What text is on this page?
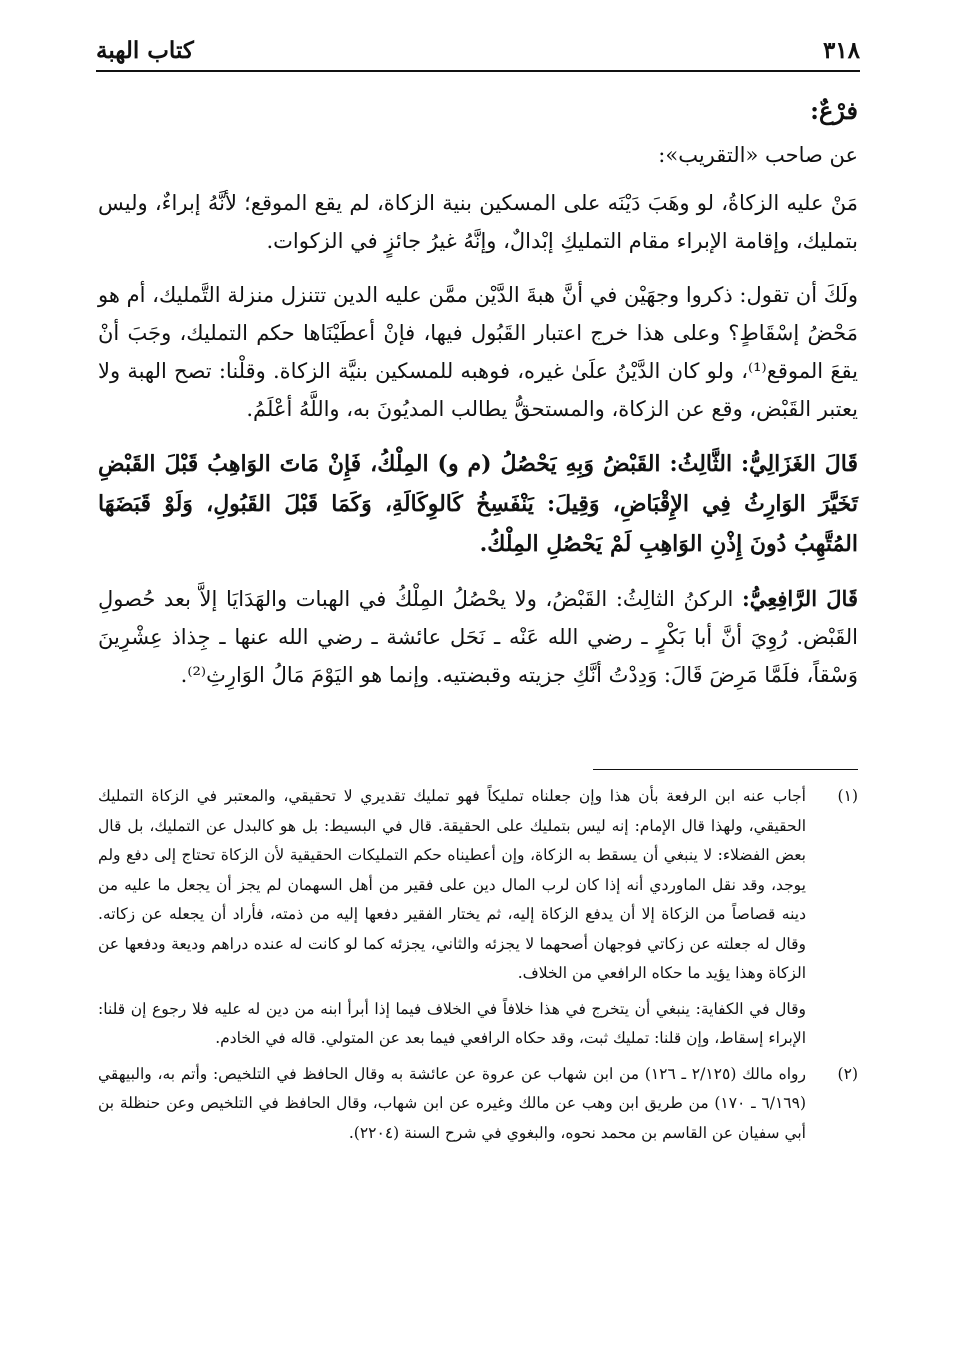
٣١٨
كتاب الهبة

فرْعٌ:

عن صاحب «التقريب»:

مَنْ عليه الزكاةُ، لو وهَبَ دَيْنَه على المسكين بنية الزكاة، لم يقع الموقع؛ لأنَّهُ إبراءٌ، وليس بتمليك، وإقامة الإبراء مقام التمليكِ إبْدالٌ، وإنَّهُ غيرُ جائزٍ في الزكوات.

ولَكَ أن تقول: ذكروا وجهَيْن في أنَّ هبةَ الدَّيْن ممَّن عليه الدين تتنزل منزلة التَّمليك، أم هو مَحْضُ إسْقَاطٍ؟ وعلى هذا خرج اعتبار القَبُول فيها، فإنْ أعطَيْنَاها حكم التمليك، وجَبَ أنْ يقعَ الموقع⁽¹⁾، ولو كان الدَّيْنُ علَىٰ غيره، فوهبه للمسكين بنيَّة الزكاة. وقلْنا: تصح الهبة ولا يعتبر القَبْض، وقع عن الزكاة، والمستحقُّ يطالب المديُونَ به، واللَّهُ أعْلَمُ.

قَالَ الغَزَالِيُّ: الثَّالِثُ: القَبْضُ وَبِهِ يَحْصُلُ (م و) المِلْكُ، فَإِنْ مَاتَ الوَاهِبُ قَبْلَ القَبْضِ تَخَيَّرَ الوَارِثُ فِي الإِقْبَاضِ، وَقِيلَ: يَنْفَسِخُ كَالوِكَالَةِ، وَكَمَا قَبْلَ القَبُولِ، وَلَوْ قَبَضَهَا المُتَّهِبُ دُونَ إِذْنِ الوَاهِبِ لَمْ يَحْصُلِ المِلْكُ.

قَالَ الرَّافِعِيُّ: الركنُ الثالِثُ: القَبْضُ، ولا يحْصُلُ المِلْكُ في الهبات والهَدَايَا إلاَّ بعد حُصولِ القَبْض. رُوِيَ أنَّ أبا بَكْرٍ ـ رضي الله عَنْه ـ نَحَل عائشة ـ رضي الله عنها ـ جِذاذ عِشْرِينَ وَسْقاً، فلَمَّا مَرِضَ قَالَ: وَدِدْتُ أنَّكِ جزيته وقبضتيه. وإنما هو اليَوْمَ مَالُ الوَارِثِ⁽²⁾.

(١)

أجاب عنه ابن الرفعة بأن هذا وإن جعلناه تمليكاً فهو تمليك تقديري لا تحقيقي، والمعتبر في الزكاة التمليك الحقيقي، ولهذا قال الإمام: إنه ليس بتمليك على الحقيقة. قال في البسيط: بل هو كالبدل عن التمليك، بل قال بعض الفضلاء: لا ينبغي أن يسقط به الزكاة، وإن أعطيناه حكم التمليكات الحقيقية لأن الزكاة تحتاج إلى دفع ولم يوجد، وقد نقل الماوردي أنه إذا كان لرب المال دين على فقير من أهل السهمان لم يجز أن يجعل ما عليه من دينه قصاصاً من الزكاة إلا أن يدفع الزكاة إليه، ثم يختار الفقير دفعها إليه من ذمته، فأراد أن يجعله عن زكاته. وقال له جعلته عن زكاتي فوجهان أصحهما لا يجزئه والثاني، يجزئه كما لو كانت له عنده دراهم وديعة ودفعها عن الزكاة وهذا يؤيد ما حكاه الرافعي من الخلاف.

وقال في الكفاية: ينبغي أن يتخرج في هذا خلافاً في الخلاف فيما إذا أبرأ ابنه من دين له عليه فلا رجوع إن قلنا: الإبراء إسقاط، وإن قلنا: تمليك ثبت، وقد حكاه الرافعي فيما بعد عن المتولي. قاله في الخادم.

(٢)

رواه مالك (٢/١٢٥ ـ ١٢٦) من ابن شهاب عن عروة عن عائشة به وقال الحافظ في التلخيص: وأتم به، والبيهقي (٦/١٦٩ ـ ١٧٠) من طريق ابن وهب عن مالك وغيره عن ابن شهاب، وقال الحافظ في التلخيص وعن حنظلة بن أبي سفيان عن القاسم بن محمد نحوه، والبغوي في شرح السنة (٢٢٠٤).
